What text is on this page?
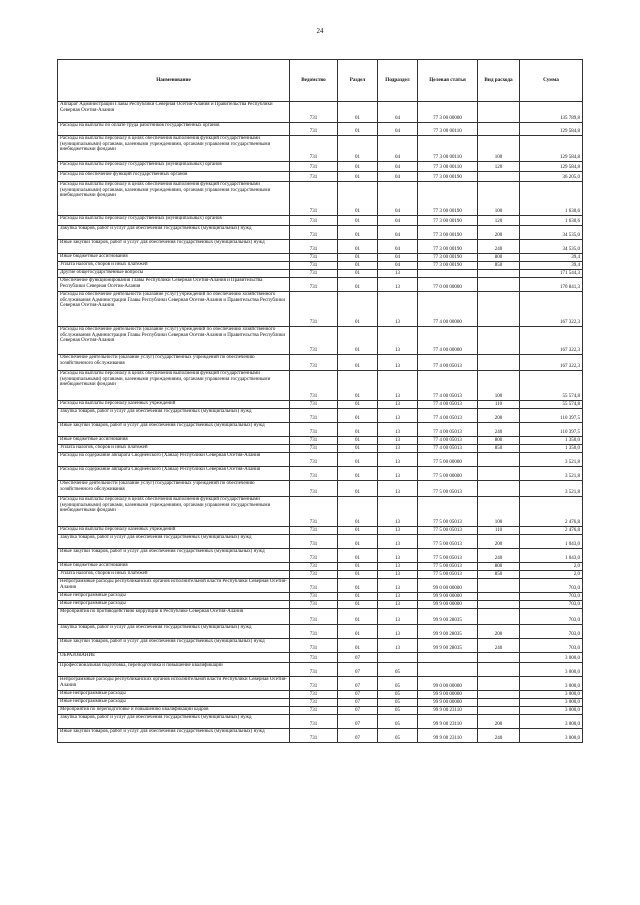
24
Наименование	Ведомство	Раздел	Подраздел	Целевая статья	Вид расхода	Сумма
Аппарат Администрации Главы Республики Северная Осетия-Алания и Правительства Республики Северная Осетия-Алания	731	01	04	77 3 00 00000		135 789,8
Расходы на выплаты по оплате труда работников государственных органов	731	01	04	77 3 00 00110		129 584,8
Расходы на выплаты персоналу в целях обеспечения выполнения функций государственными (муниципальными) органами, казенными учреждениями, органами управления государственными внебюджетными фондами	731	01	04	77 3 00 00110	100	129 584,8
Расходы на выплаты персоналу государственных (муниципальных) органов	731	01	04	77 3 00 00110	120	129 584,8
Расходы на обеспечение функций государственных органов	731	01	04	77 3 00 00190		36 205,0
Расходы на выплаты персоналу в целях обеспечения выполнения функций государственными (муниципальными) органами, казенными учреждениями, органами управления государственными внебюджетными фондами	731	01	04	77 3 00 00190	100	1 630,6
Расходы на выплаты персоналу государственных (муниципальных) органов	731	01	04	77 3 00 00190	120	1 630,6
Закупка товаров, работ и услуг для обеспечения государственных (муниципальных) нужд	731	01	04	77 3 00 00190	200	34 535,0
Иные закупки товаров, работ и услуг для обеспечения государственных (муниципальных) нужд	731	01	04	77 3 00 00190	240	34 535,0
Иные бюджетные ассигнования	731	01	04	77 3 00 00190	800	39,4
Уплата налогов, сборов и иных платежей	731	01	04	77 3 00 00190	850	39,4
Другие общегосударственные вопросы	731	01	13			171 544,3
Обеспечение функционирования Главы Республики Северная Осетия-Алания и Правительства Республики Северная Осетия-Алания	731	01	13	77 0 00 00000		170 841,3
Расходы на обеспечение деятельности (оказание услуг) учреждений по обеспечению хозяйственного обслуживания Администрации Главы Республики Северная Осетия-Алания и Правительства Республики Северная Осетия-Алания	731	01	13	77 4 00 00000		167 322,3
Расходы на обеспечение деятельности (оказание услуг) учреждений по обеспечению хозяйственного обслуживания Администрации Главы Республики Северная Осетия-Алания и Правительства Республики Северная Осетия-Алания	731	01	13	77 4 00 00000		167 322,3
Обеспечение деятельности (оказание услуг) государственных учреждений по обеспечению хозяйственного обслуживания	731	01	13	77 4 00 05013		167 322,3
Расходы на выплаты персоналу в целях обеспечения выполнения функций государственными (муниципальными) органами, казенными учреждениями, органами управления государственными внебюджетными фондами	731	01	13	77 4 00 05013	100	55 574,8
Расходы на выплаты персоналу казенных учреждений	731	01	13	77 4 00 05013	110	55 574,8
Закупка товаров, работ и услуг для обеспечения государственных (муниципальных) нужд	731	01	13	77 4 00 05013	200	110 397,5
Иные закупки товаров, работ и услуг для обеспечения государственных (муниципальных) нужд	731	01	13	77 4 00 05013	240	110 397,5
Иные бюджетные ассигнования	731	01	13	77 4 00 05013	800	1 350,0
Уплата налогов, сборов и иных платежей	731	01	13	77 4 00 05013	850	1 350,0
Расходы на содержание аппарата Сводненского (Ханаа) Республики Северная Осетия-Алания	731	01	13	77 5 00 00000		3 521,8
Расходы на содержание аппарата Сводненского (Ханаа) Республики Северная Осетия-Алания	731	01	13	77 5 00 00000		3 521,8
Обеспечение деятельности (оказание услуг) государственных учреждений по обеспечению хозяйственного обслуживания	731	01	13	77 5 00 05013		3 521,8
Расходы на выплаты персоналу в целях обеспечения выполнения функций государственными (муниципальными) органами, казенными учреждениями, органами управления государственными внебюджетными фондами	731	01	13	77 5 00 05013	100	2 476,8
Расходы на выплаты персоналу казенных учреждений	731	01	13	77 5 00 05013	110	2 476,8
Закупка товаров, работ и услуг для обеспечения государственных (муниципальных) нужд	731	01	13	77 5 00 05013	200	1 043,0
Иные закупки товаров, работ и услуг для обеспечения государственных (муниципальных) нужд	731	01	13	77 5 00 05013	240	1 043,0
Иные бюджетные ассигнования	731	01	13	77 5 00 05013	800	2,0
Уплата налогов, сборов и иных платежей	731	01	13	77 5 00 05013	850	2,0
Непрограммные расходы республиканских органов исполнительной власти Республики Северная Осетия-Алания	731	01	13	99 0 00 00000		703,0
Иные непрограммные расходы	731	01	13	99 9 00 00000		703,0
Иные непрограммные расходы	731	01	13	99 9 00 00000		703,0
Мероприятия по противодействию коррупции в Республике Северная Осетия-Алания	731	01	13	99 9 00 28035		703,0
Закупка товаров, работ и услуг для обеспечения государственных (муниципальных) нужд	731	01	13	99 9 00 28035	200	703,0
Иные закупки товаров, работ и услуг для обеспечения государственных (муниципальных) нужд	731	01	13	99 9 00 28035	240	703,0
ОБРАЗОВАНИЕ	731	07				3 000,0
Профессиональная подготовка, переподготовка и повышение квалификации	731	07	05			3 000,0
Непрограммные расходы республиканских органов исполнительной власти Республики Северная Осетия-Алания	731	07	05	99 0 00 00000		3 000,0
Иные непрограммные расходы	731	07	05	99 9 00 00000		3 000,0
Иные непрограммные расходы	731	07	05	99 9 00 00000		3 000,0
Мероприятия по переподготовке и повышению квалификации кадров	731	07	05	99 9 00 23110		3 000,0
Закупка товаров, работ и услуг для обеспечения государственных (муниципальных) нужд	731	07	05	99 9 00 23110	200	3 000,0
Иные закупки товаров, работ и услуг для обеспечения государственных (муниципальных) нужд	731	07	05	99 9 00 23110	240	3 000,0
